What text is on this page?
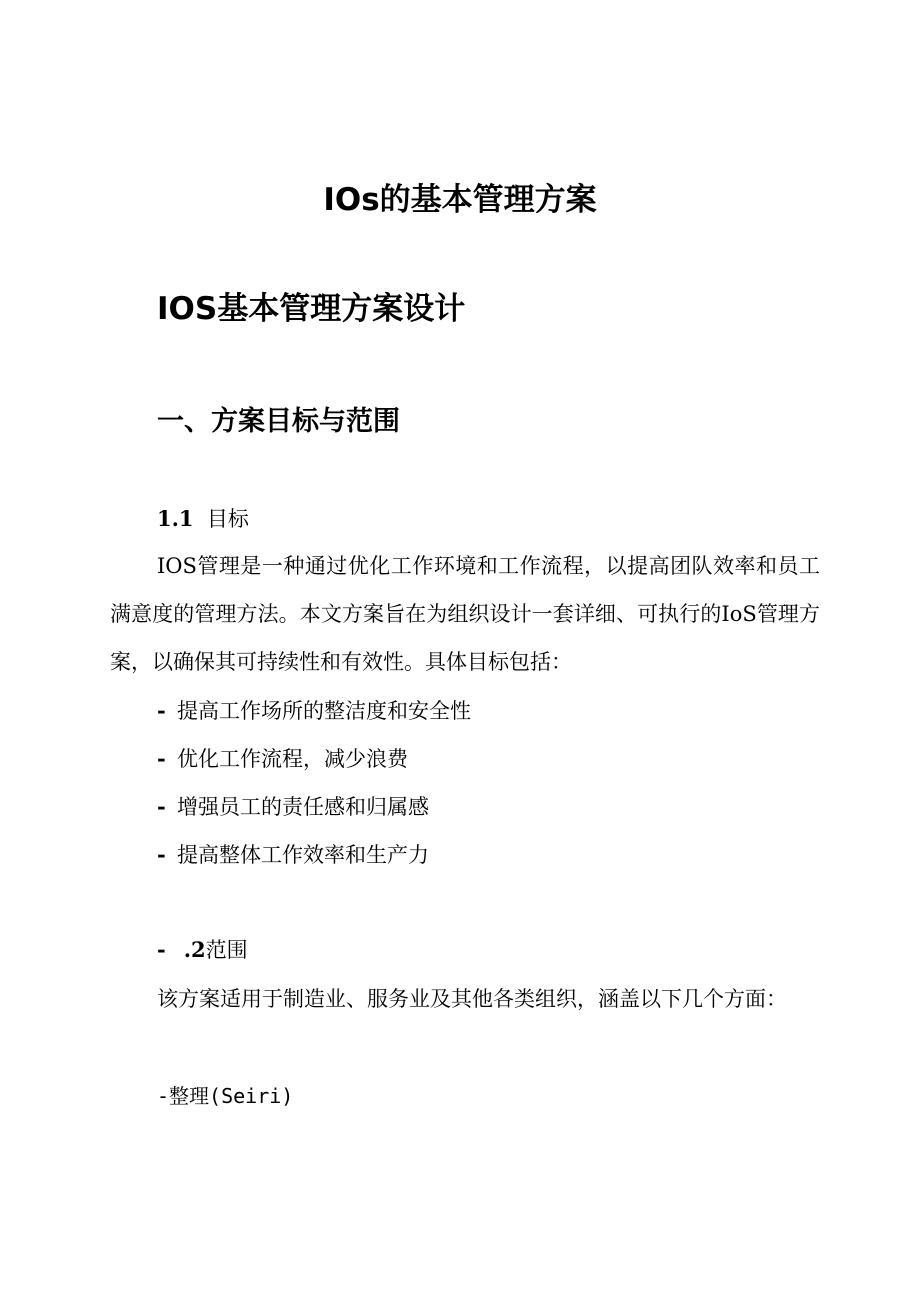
IOs的基本管理方案
IOS基本管理方案设计
一、方案目标与范围

1.1 目标

IOS管理是一种通过优化工作环境和工作流程，以提高团队效率和员工满意度的管理方法。本文方案旨在为组织设计一套详细、可执行的IoS管理方案，以确保其可持续性和有效性。具体目标包括：

- 提高工作场所的整洁度和安全性

- 优化工作流程，减少浪费

- 增强员工的责任感和归属感

- 提高整体工作效率和生产力

- .2范围

该方案适用于制造业、服务业及其他各类组织，涵盖以下几个方面：

-整理(Seiri)
